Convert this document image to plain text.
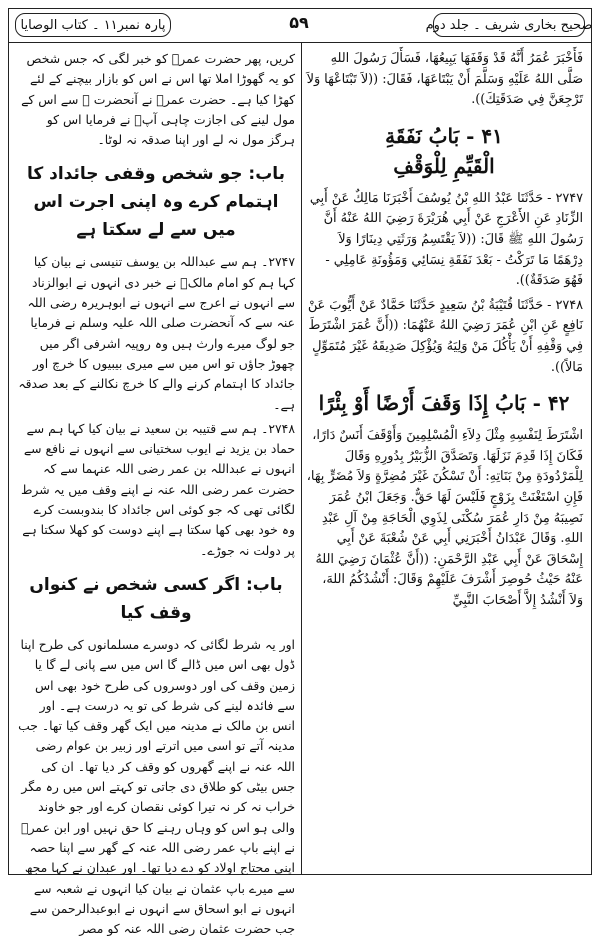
صحیح بخاری شریف ۔ جلد دوم
۵۹
پارہ نمبر۱۱ ۔ کتاب الوصایا

فَأَخْبَرَ عُمَرُ أَنَّهُ قَدْ وَقَفَهَا يَبِيعُهَا، فَسَأَلَ رَسُولَ اللهِ صَلَّى اللهُ عَلَيْهِ وَسَلَّمَ أَنْ يَبْتَاعَهَا، فَقَالَ: ((لاَ تَبْتَاعْهَا وَلاَ تَرْجِعَنَّ فِي صَدَقَتِكَ)).

۴۱ - بَابُ نَفَقَةِ
الْقَيِّمِ لِلْوَقْفِ

۲۷۴۷ - حَدَّثَنَا عَبْدُ اللهِ بْنُ يُوسُفَ أَخْبَرَنَا مَالِكٌ عَنْ أَبِي الزِّنَادِ عَنِ الأَعْرَجِ عَنْ أَبِي هُرَيْرَةَ رَضِيَ اللهُ عَنْهُ أَنَّ رَسُولَ اللهِ ﷺ قَالَ: ((لاَ يَقْتَسِمُ وَرَثَتِي دِينَارًا وَلاَ دِرْهَمًا مَا تَرَكْتُ - بَعْدَ نَفَقَةِ نِسَائِي وَمَؤُونَةِ عَامِلِي - فَهُوَ صَدَقَةٌ)).

۲۷۴۸ - حَدَّثَنَا قُتَيْبَةُ بْنُ سَعِيدٍ حَدَّثَنَا حَمَّادٌ عَنْ أَيُّوبَ عَنْ نَافِعٍ عَنِ ابْنِ عُمَرَ رَضِيَ اللهُ عَنْهُمَا: ((أَنَّ عُمَرَ اشْتَرَطَ فِي وَقْفِهِ أَنْ يَأْكُلَ مَنْ وَلِيَهُ وَيُؤْكِلَ صَدِيقَهُ غَيْرَ مُتَمَوِّلٍ مَالاً)).

۴۲ - بَابُ إِذَا وَقَفَ أَرْضًا أَوْ بِئْرًا

اشْتَرَطَ لِنَفْسِهِ مِثْلَ دِلاَءِ الْمُسْلِمِينَ وَأَوْقَفَ أَنَسٌ دَارًا، فَكَانَ إِذَا قَدِمَ نَزَلَهَا. وَتَصَدَّقَ الزُّبَيْرُ بِدُورِهِ وَقَالَ لِلْمَرْدُودَةِ مِنْ بَنَاتِهِ: أَنْ تَسْكُنَ غَيْرَ مُضِرَّةٍ وَلاَ مُضَرٍّ بِهَا، فَإِنِ اسْتَغْنَتْ بِزَوْجٍ فَلَيْسَ لَهَا حَقٌّ. وَجَعَلَ ابْنُ عُمَرَ نَصِيبَهُ مِنْ دَارِ عُمَرَ سُكْنَى لِذَوِي الْحَاجَةِ مِنْ آلِ عَبْدِ اللهِ. وَقَالَ عَبْدَانُ أَخْبَرَنِي أَبِي عَنْ شُعْبَةَ عَنْ أَبِي إِسْحَاقَ عَنْ أَبِي عَبْدِ الرَّحْمَنِ: ((أَنَّ عُثْمَانَ رَضِيَ اللهُ عَنْهُ حَيْثُ حُوصِرَ أَشْرَفَ عَلَيْهِمْ وَقَالَ: أَنْشُدُكُمُ اللهَ، وَلاَ أَنْشُدُ إِلاَّ أَصْحَابَ النَّبِيِّ

کریں، پھر حضرت عمرؓ کو خبر لگی کہ جس شخص کو یہ گھوڑا املا تھا اس نے اس کو بازار بیچنے کے لئے کھڑا کیا ہے۔ حضرت عمرؓ نے آنحضرت ﷺ سے اس کے مول لینے کی اجازت چاہی آپؐ نے فرمایا اس کو ہرگز مول نہ لے اور اپنا صدقہ نہ لوٹا۔

باب: جو شخص وقفی جائداد کا اہتمام کرے وہ اپنی اجرت اس میں سے لے سکتا ہے

۲۷۴۷۔ ہم سے عبداللہ بن یوسف تنیسی نے بیان کیا کہا ہم کو امام مالکؒ نے خبر دی انہوں نے ابوالزناد سے انہوں نے اعرج سے انہوں نے ابوہریرہ رضی اللہ عنہ سے کہ آنحضرت صلی اللہ علیہ وسلم نے فرمایا جو لوگ میرے وارث ہیں وہ روپیہ اشرفی اگر میں چھوڑ جاؤں تو اس میں سے میری بیبیوں کا خرچ اور جائداد کا اہتمام کرنے والے کا خرچ نکالنے کے بعد صدقہ ہے۔

۲۷۴۸۔ ہم سے قتیبہ بن سعید نے بیان کیا کہا ہم سے حماد بن یزید نے ایوب سختیانی سے انہوں نے نافع سے انہوں نے عبداللہ بن عمر رضی اللہ عنہما سے کہ حضرت عمر رضی اللہ عنہ نے اپنے وقف میں یہ شرط لگائی تھی کہ جو کوئی اس جائداد کا بندوبست کرے وہ خود بھی کھا سکتا ہے اپنے دوست کو کھلا سکتا ہے پر دولت نہ جوڑے۔

باب: اگر کسی شخص نے کنواں وقف کیا

اور یہ شرط لگائی کہ دوسرے مسلمانوں کی طرح اپنا ڈول بھی اس میں ڈالے گا اس میں سے پانی لے گا یا زمین وقف کی اور دوسروں کی طرح خود بھی اس سے فائدہ لینے کی شرط کی تو یہ درست ہے۔ اور انس بن مالک نے مدینہ میں ایک گھر وقف کیا تھا۔ جب مدینہ آتے تو اسی میں اترتے اور زبیر بن عوام رضی اللہ عنہ نے اپنے گھروں کو وقف کر دیا تھا۔ ان کی جس بیٹی کو طلاق دی جاتی تو کہتے اس میں رہ مگر خراب نہ کر نہ تیرا کوئی نقصان کرے اور جو خاوند والی ہو اس کو وہاں رہنے کا حق نہیں اور ابن عمرؓ نے اپنے باپ عمر رضی اللہ عنہ کے گھر سے اپنا حصہ اپنی محتاج اولاد کو دے دیا تھا۔ اور عبدان نے کہا مجھ سے میرے باپ عثمان نے بیان کیا انہوں نے شعبہ سے انہوں نے ابو اسحاق سے انہوں نے ابوعبدالرحمن سے جب حضرت عثمان رضی اللہ عنہ کو مصر
